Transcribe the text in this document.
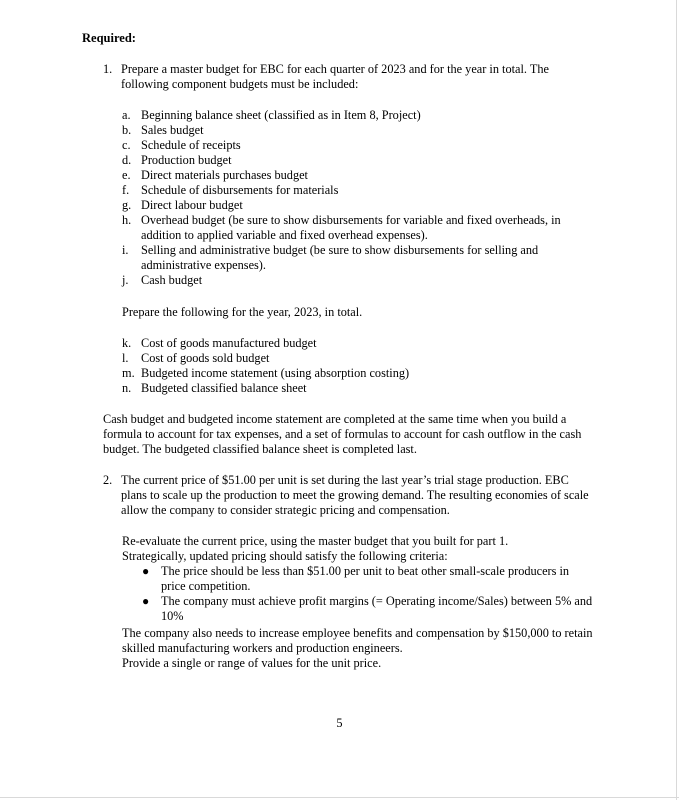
Required:
1. Prepare a master budget for EBC for each quarter of 2023 and for the year in total. The following component budgets must be included:
a. Beginning balance sheet (classified as in Item 8, Project)
b. Sales budget
c. Schedule of receipts
d. Production budget
e. Direct materials purchases budget
f. Schedule of disbursements for materials
g. Direct labour budget
h. Overhead budget (be sure to show disbursements for variable and fixed overheads, in addition to applied variable and fixed overhead expenses).
i. Selling and administrative budget (be sure to show disbursements for selling and administrative expenses).
j. Cash budget
Prepare the following for the year, 2023, in total.
k. Cost of goods manufactured budget
l. Cost of goods sold budget
m. Budgeted income statement (using absorption costing)
n. Budgeted classified balance sheet
Cash budget and budgeted income statement are completed at the same time when you build a formula to account for tax expenses, and a set of formulas to account for cash outflow in the cash budget. The budgeted classified balance sheet is completed last.
2. The current price of $51.00 per unit is set during the last year’s trial stage production. EBC plans to scale up the production to meet the growing demand. The resulting economies of scale allow the company to consider strategic pricing and compensation.
Re-evaluate the current price, using the master budget that you built for part 1.
Strategically, updated pricing should satisfy the following criteria:
● The price should be less than $51.00 per unit to beat other small-scale producers in price competition.
● The company must achieve profit margins (= Operating income/Sales) between 5% and 10%
The company also needs to increase employee benefits and compensation by $150,000 to retain skilled manufacturing workers and production engineers.
Provide a single or range of values for the unit price.
5
